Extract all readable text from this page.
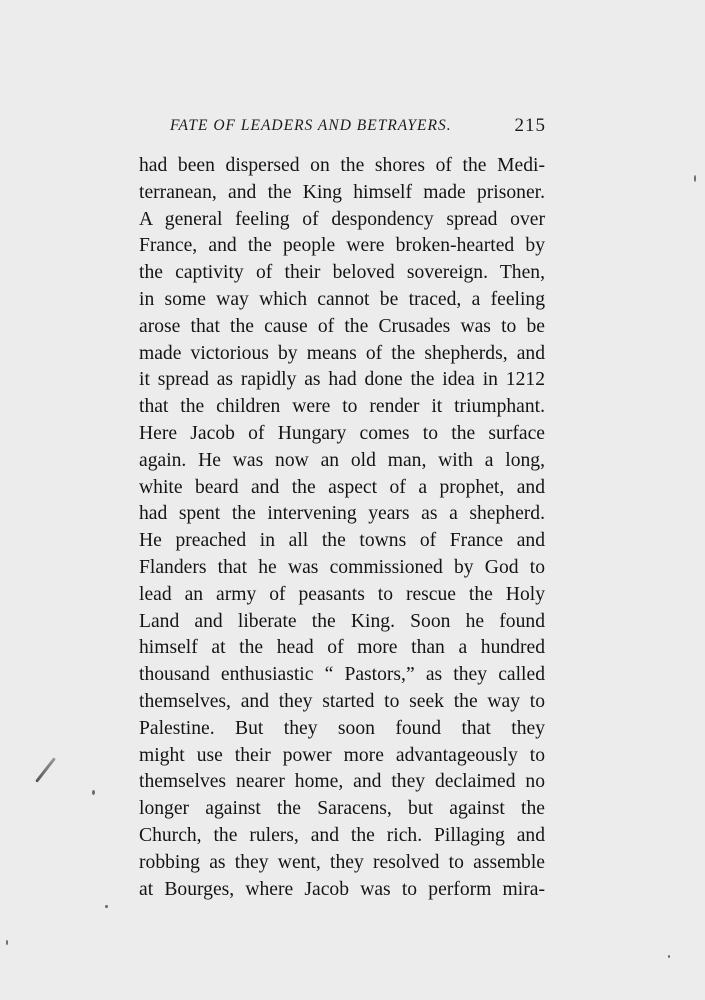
FATE OF LEADERS AND BETRAYERS.	215
had been dispersed on the shores of the Medi-
terranean, and the King himself made prisoner.
A general feeling of despondency spread over
France, and the people were broken-hearted by
the captivity of their beloved sovereign. Then,
in some way which cannot be traced, a feeling
arose that the cause of the Crusades was to be
made victorious by means of the shepherds, and
it spread as rapidly as had done the idea in 1212
that the children were to render it triumphant.
Here Jacob of Hungary comes to the surface
again. He was now an old man, with a long,
white beard and the aspect of a prophet, and
had spent the intervening years as a shepherd.
He preached in all the towns of France and
Flanders that he was commissioned by God to
lead an army of peasants to rescue the Holy
Land and liberate the King. Soon he found
himself at the head of more than a hundred
thousand enthusiastic “ Pastors,” as they called
themselves, and they started to seek the way to
Palestine. But they soon found that they
might use their power more advantageously to
themselves nearer home, and they declaimed no
longer against the Saracens, but against the
Church, the rulers, and the rich. Pillaging and
robbing as they went, they resolved to assemble
at Bourges, where Jacob was to perform mira-
